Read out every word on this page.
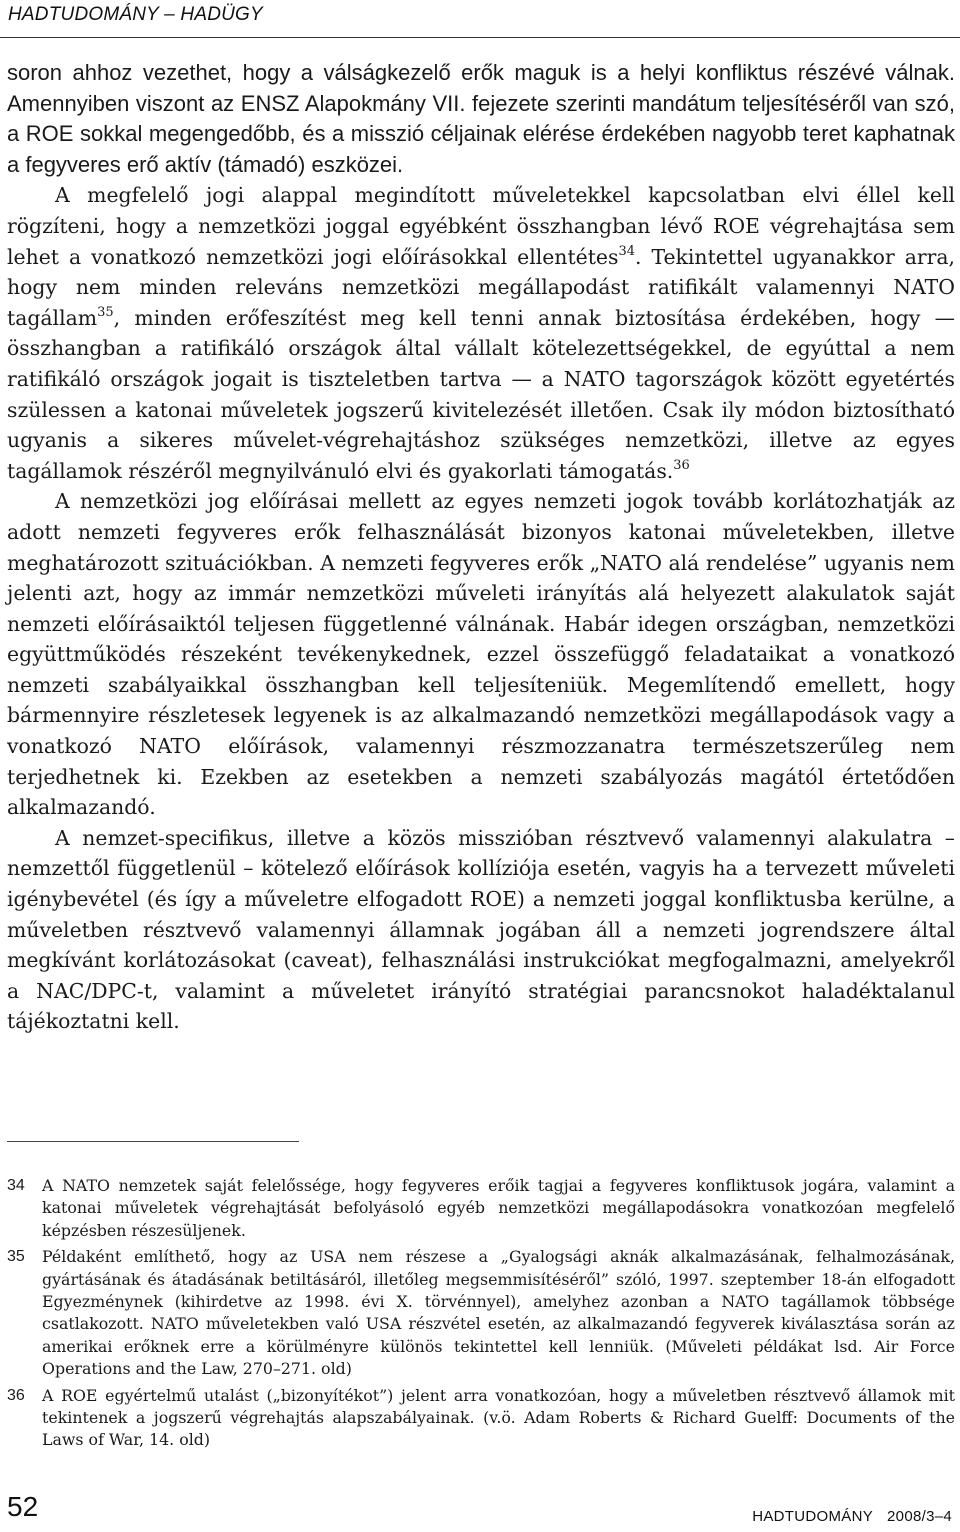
HADTUDOMÁNY – HADÜGY

soron ahhoz vezethet, hogy a válságkezelő erők maguk is a helyi konfliktus részévé válnak. Amennyiben viszont az ENSZ Alapokmány VII. fejezete szerinti mandátum teljesítéséről van szó, a ROE sokkal megengedőbb, és a misszió céljainak elérése érdekében nagyobb teret kaphatnak a fegyveres erő aktív (támadó) eszközei.

A megfelelő jogi alappal megindított műveletekkel kapcsolatban elvi éllel kell rögzíteni, hogy a nemzetközi joggal egyébként összhangban lévő ROE végrehajtása sem lehet a vonatkozó nemzetközi jogi előírásokkal ellentétes$^{34}$. Tekintettel ugyanakkor arra, hogy nem minden releváns nemzetközi megállapodást ratifikált valamennyi NATO tagállam$^{35}$, minden erőfeszítést meg kell tenni annak biztosítása érdekében, hogy — összhangban a ratifikáló országok által vállalt kötelezettségekkel, de egyúttal a nem ratifikáló országok jogait is tiszteletben tartva — a NATO tagországok között egyetértés szülessen a katonai műveletek jogszerű kivitelezését illetően. Csak ily módon biztosítható ugyanis a sikeres művelet-végrehajtáshoz szükséges nemzetközi, illetve az egyes tagállamok részéről megnyilvánuló elvi és gyakorlati támogatás.$^{36}$

A nemzetközi jog előírásai mellett az egyes nemzeti jogok tovább korlátozhatják az adott nemzeti fegyveres erők felhasználását bizonyos katonai műveletekben, illetve meghatározott szituációkban. A nemzeti fegyveres erők „NATO alá rendelése” ugyanis nem jelenti azt, hogy az immár nemzetközi műveleti irányítás alá helyezett alakulatok saját nemzeti előírásaiktól teljesen függetlenné válnának. Habár idegen országban, nemzetközi együttműködés részeként tevékenykednek, ezzel összefüggő feladataikat a vonatkozó nemzeti szabályaikkal összhangban kell teljesíteniük. Megemlítendő emellett, hogy bármennyire részletesek legyenek is az alkalmazandó nemzetközi megállapodások vagy a vonatkozó NATO előírások, valamennyi részmozzanatra természetszerűleg nem terjedhetnek ki. Ezekben az esetekben a nemzeti szabályozás magától értetődően alkalmazandó.

A nemzet-specifikus, illetve a közös misszióban résztvevő valamennyi alakulatra – nemzettől függetlenül – kötelező előírások kollíziója esetén, vagyis ha a tervezett műveleti igénybevétel (és így a műveletre elfogadott ROE) a nemzeti joggal konfliktusba kerülne, a műveletben résztvevő valamennyi államnak jogában áll a nemzeti jogrendszere által megkívánt korlátozásokat (caveat), felhasználási instrukciókat megfogalmazni, amelyekről a NAC/DPC-t, valamint a műveletet irányító stratégiai parancsnokot haladéktalanul tájékoztatni kell.

34 A NATO nemzetek saját felelőssége, hogy fegyveres erőik tagjai a fegyveres konfliktusok jogára, valamint a katonai műveletek végrehajtását befolyásoló egyéb nemzetközi megállapodásokra vonatkozóan megfelelő képzésben részesüljenek.
35 Példaként említhető, hogy az USA nem részese a „Gyalogsági aknák alkalmazásának, felhalmozásának, gyártásának és átadásának betiltásáról, illetőleg megsemmisítéséről” szóló, 1997. szeptember 18-án elfogadott Egyezménynek (kihirdetve az 1998. évi X. törvénnyel), amelyhez azonban a NATO tagállamok többsége csatlakozott. NATO műveletekben való USA részvétel esetén, az alkalmazandó fegyverek kiválasztása során az amerikai erőknek erre a körülményre különös tekintettel kell lenniük. (Műveleti példákat lsd. Air Force Operations and the Law, 270–271. old)
36 A ROE egyértelmű utalást („bizonyítékot”) jelent arra vonatkozóan, hogy a műveletben résztvevő államok mit tekintenek a jogszerű végrehajtás alapszabályainak. (v.ö. Adam Roberts & Richard Guelff: Documents of the Laws of War, 14. old)
52	HADTUDOMÁNY 2008/3–4
